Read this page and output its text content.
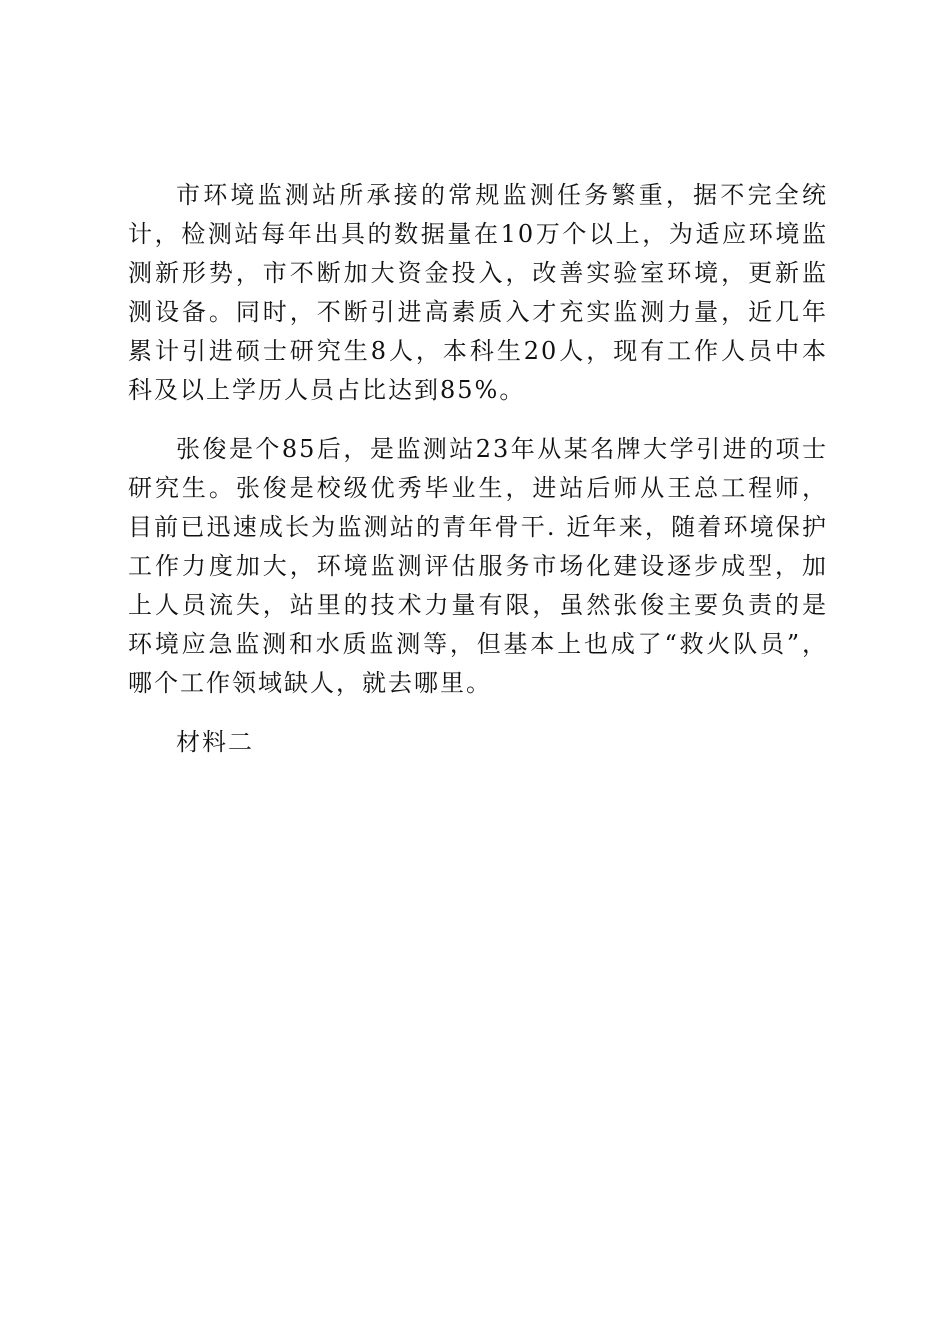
市环境监测站所承接的常规监测任务繁重，据不完全统计，检测站每年出具的数据量在10万个以上，为适应环境监测新形势，市不断加大资金投入，改善实验室环境，更新监测设备。同时，不断引进高素质入才充实监测力量，近几年累计引进硕士研究生8人，本科生20人，现有工作人员中本科及以上学历人员占比达到85%。

张俊是个85后，是监测站23年从某名牌大学引进的项士研究生。张俊是校级优秀毕业生，进站后师从王总工程师，目前已迅速成长为监测站的青年骨干. 近年来，随着环境保护工作力度加大，环境监测评估服务市场化建设逐步成型，加上人员流失，站里的技术力量有限，虽然张俊主要负责的是环境应急监测和水质监测等，但基本上也成了“救火队员”，哪个工作领域缺人，就去哪里。

材料二
